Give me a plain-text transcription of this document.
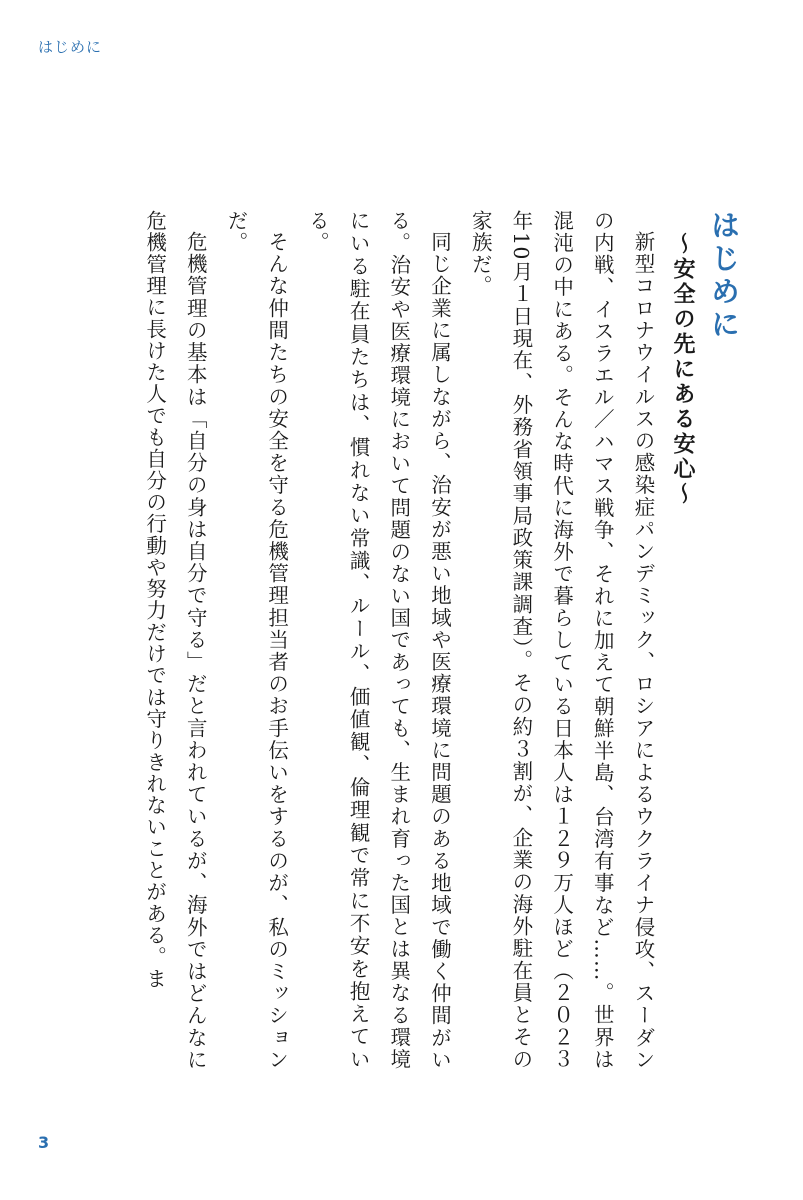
はじめに
はじめに
～安全の先にある安心～

新型コロナウイルスの感染症パンデミック、ロシアによるウクライナ侵攻、スーダンの内戦、イスラエル／ハマス戦争、それに加えて朝鮮半島、台湾有事など……。世界は混沌の中にある。そんな時代に海外で暮らしている日本人は１２９万人ほど（２０２３年10月１日現在、外務省領事局政策課調査）。その約３割が、企業の海外駐在員とその家族だ。

同じ企業に属しながら、治安が悪い地域や医療環境に問題のある地域で働く仲間がいる。治安や医療環境において問題のない国であっても、生まれ育った国とは異なる環境にいる駐在員たちは、慣れない常識、ルール、価値観、倫理観で常に不安を抱えている。

そんな仲間たちの安全を守る危機管理担当者のお手伝いをするのが、私のミッションだ。

危機管理の基本は「自分の身は自分で守る」だと言われているが、海外ではどんなに危機管理に長けた人でも自分の行動や努力だけでは守りきれないことがある。ま

3
